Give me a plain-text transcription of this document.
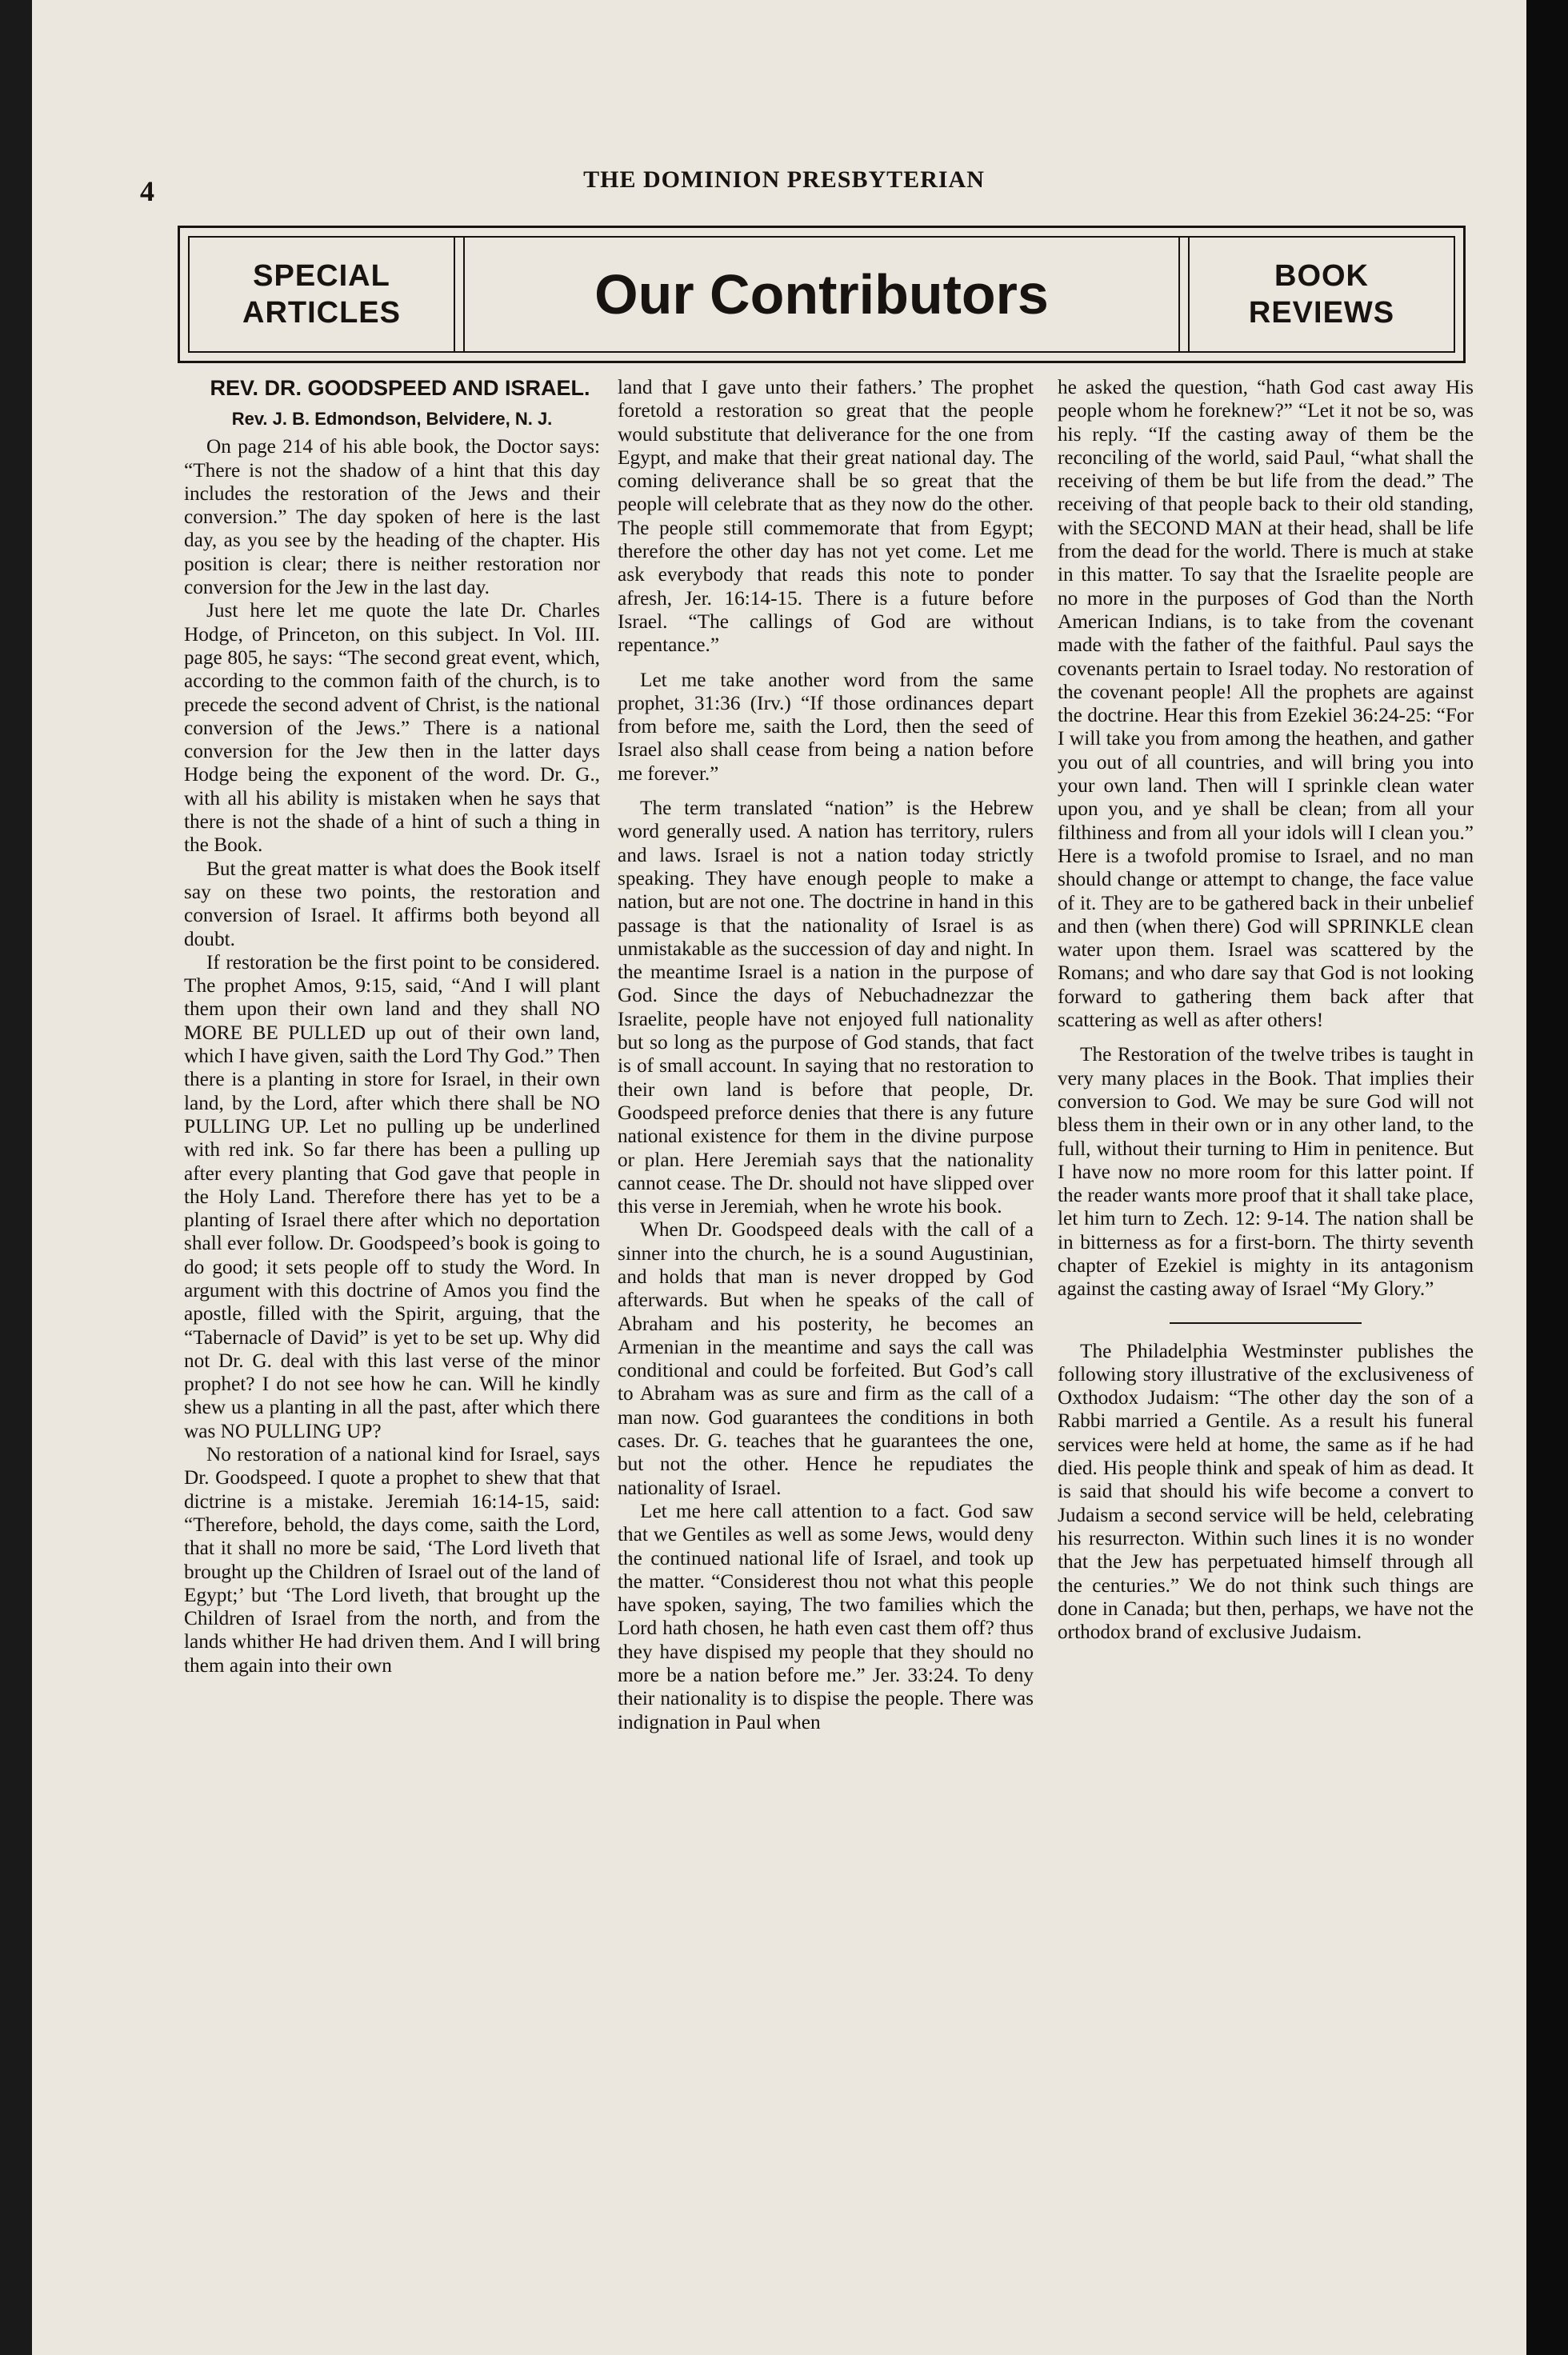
4	THE DOMINION PRESBYTERIAN
SPECIAL
ARTICLES	Our Contributors	BOOK
REVIEWS
REV. DR. GOODSPEED AND ISRAEL.
Rev. J. B. Edmondson, Belvidere, N. J.

On page 214 of his able book, the Doctor says: “There is not the shadow of a hint that this day includes the restoration of the Jews and their conversion.” The day spoken of here is the last day, as you see by the heading of the chapter. His position is clear; there is neither restoration nor conversion for the Jew in the last day.

Just here let me quote the late Dr. Charles Hodge, of Princeton, on this subject. In Vol. III. page 805, he says: “The second great event, which, according to the common faith of the church, is to precede the second advent of Christ, is the national conversion of the Jews.” There is a national conversion for the Jew then in the latter days Hodge being the exponent of the word. Dr. G., with all his ability is mistaken when he says that there is not the shade of a hint of such a thing in the Book.

But the great matter is what does the Book itself say on these two points, the restoration and conversion of Israel. It affirms both beyond all doubt.

If restoration be the first point to be considered. The prophet Amos, 9:15, said, “And I will plant them upon their own land and they shall NO MORE BE PULLED up out of their own land, which I have given, saith the Lord Thy God.” Then there is a planting in store for Israel, in their own land, by the Lord, after which there shall be NO PULLING UP. Let no pulling up be underlined with red ink. So far there has been a pulling up after every planting that God gave that people in the Holy Land. Therefore there has yet to be a planting of Israel there after which no deportation shall ever follow. Dr. Goodspeed’s book is going to do good; it sets people off to study the Word. In argument with this doctrine of Amos you find the apostle, filled with the Spirit, arguing, that the “Tabernacle of David” is yet to be set up. Why did not Dr. G. deal with this last verse of the minor prophet? I do not see how he can. Will he kindly shew us a planting in all the past, after which there was NO PULLING UP?

No restoration of a national kind for Israel, says Dr. Goodspeed. I quote a prophet to shew that that dictrine is a mistake. Jeremiah 16:14-15, said: “Therefore, behold, the days come, saith the Lord, that it shall no more be said, ‘The Lord liveth that brought up the Children of Israel out of the land of Egypt;’ but ‘The Lord liveth, that brought up the Children of Israel from the north, and from the lands whither He had driven them. And I will bring them again into their own

land that I gave unto their fathers.’ The prophet foretold a restoration so great that the people would substitute that deliverance for the one from Egypt, and make that their great national day. The coming deliverance shall be so great that the people will celebrate that as they now do the other. The people still commemorate that from Egypt; therefore the other day has not yet come. Let me ask everybody that reads this note to ponder afresh, Jer. 16:14-15. There is a future before Israel. “The callings of God are without repentance.”

Let me take another word from the same prophet, 31:36 (Irv.) “If those ordinances depart from before me, saith the Lord, then the seed of Israel also shall cease from being a nation before me forever.”

The term translated “nation” is the Hebrew word generally used. A nation has territory, rulers and laws. Israel is not a nation today strictly speaking. They have enough people to make a nation, but are not one. The doctrine in hand in this passage is that the nationality of Israel is as unmistakable as the succession of day and night. In the meantime Israel is a nation in the purpose of God. Since the days of Nebuchadnezzar the Israelite, people have not enjoyed full nationality but so long as the purpose of God stands, that fact is of small account. In saying that no restoration to their own land is before that people, Dr. Goodspeed preforce denies that there is any future national existence for them in the divine purpose or plan. Here Jeremiah says that the nationality cannot cease. The Dr. should not have slipped over this verse in Jeremiah, when he wrote his book.

When Dr. Goodspeed deals with the call of a sinner into the church, he is a sound Augustinian, and holds that man is never dropped by God afterwards. But when he speaks of the call of Abraham and his posterity, he becomes an Armenian in the meantime and says the call was conditional and could be forfeited. But God’s call to Abraham was as sure and firm as the call of a man now. God guarantees the conditions in both cases. Dr. G. teaches that he guarantees the one, but not the other. Hence he repudiates the nationality of Israel.

Let me here call attention to a fact. God saw that we Gentiles as well as some Jews, would deny the continued national life of Israel, and took up the matter. “Considerest thou not what this people have spoken, saying, The two families which the Lord hath chosen, he hath even cast them off? thus they have dispised my people that they should no more be a nation before me.” Jer. 33:24. To deny their nationality is to dispise the people. There was indignation in Paul when

he asked the question, “hath God cast away His people whom he foreknew?” “Let it not be so, was his reply. “If the casting away of them be the reconciling of the world, said Paul, “what shall the receiving of them be but life from the dead.” The receiving of that people back to their old standing, with the SECOND MAN at their head, shall be life from the dead for the world. There is much at stake in this matter. To say that the Israelite people are no more in the purposes of God than the North American Indians, is to take from the covenant made with the father of the faithful. Paul says the covenants pertain to Israel today. No restoration of the covenant people! All the prophets are against the doctrine. Hear this from Ezekiel 36:24-25: “For I will take you from among the heathen, and gather you out of all countries, and will bring you into your own land. Then will I sprinkle clean water upon you, and ye shall be clean; from all your filthiness and from all your idols will I clean you.” Here is a twofold promise to Israel, and no man should change or attempt to change, the face value of it. They are to be gathered back in their unbelief and then (when there) God will SPRINKLE clean water upon them. Israel was scattered by the Romans; and who dare say that God is not looking forward to gathering them back after that scattering as well as after others!

The Restoration of the twelve tribes is taught in very many places in the Book. That implies their conversion to God. We may be sure God will not bless them in their own or in any other land, to the full, without their turning to Him in penitence. But I have now no more room for this latter point. If the reader wants more proof that it shall take place, let him turn to Zech. 12: 9-14. The nation shall be in bitterness as for a first-born. The thirty seventh chapter of Ezekiel is mighty in its antagonism against the casting away of Israel “My Glory.”

The Philadelphia Westminster publishes the following story illustrative of the exclusiveness of Oxthodox Judaism: “The other day the son of a Rabbi married a Gentile. As a result his funeral services were held at home, the same as if he had died. His people think and speak of him as dead. It is said that should his wife become a convert to Judaism a second service will be held, celebrating his resurrecton. Within such lines it is no wonder that the Jew has perpetuated himself through all the centuries.” We do not think such things are done in Canada; but then, perhaps, we have not the orthodox brand of exclusive Judaism.
